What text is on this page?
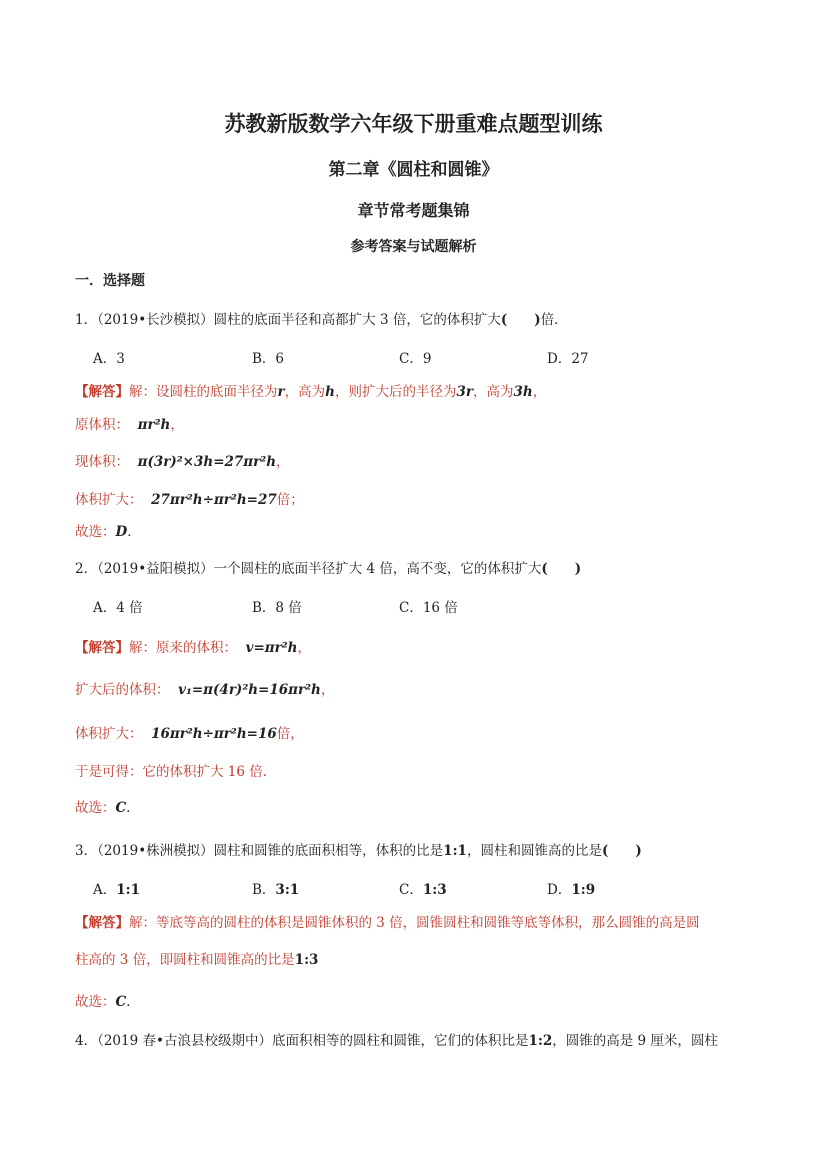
苏教新版数学六年级下册重难点题型训练
第二章《圆柱和圆锥》
章节常考题集锦
参考答案与试题解析
一．选择题
1．（2019•长沙模拟）圆柱的底面半径和高都扩大 3 倍，它的体积扩大(　　)倍．
A．3	B．6	C．9	D．27
【解答】解：设圆柱的底面半径为r，高为h，则扩大后的半径为3r，高为3h，
原体积： πr²h，
现体积： π(3r)²×3h=27πr²h，
体积扩大： 27πr²h÷πr²h=27倍；
故选：D．
2．（2019•益阳模拟）一个圆柱的底面半径扩大 4 倍，高不变，它的体积扩大(　　)
A．4 倍	B．8 倍	C．16 倍
【解答】解：原来的体积： v=πr²h，
扩大后的体积： v₁=π(4r)²h=16πr²h，
体积扩大： 16πr²h÷πr²h=16倍，
于是可得：它的体积扩大 16 倍．
故选：C．
3．（2019•株洲模拟）圆柱和圆锥的底面积相等，体积的比是1:1，圆柱和圆锥高的比是(　　)
A．1:1	B．3:1	C．1:3	D．1:9
【解答】解：等底等高的圆柱的体积是圆锥体积的 3 倍，圆锥圆柱和圆锥等底等体积，那么圆锥的高是圆
柱高的 3 倍，即圆柱和圆锥高的比是1:3
故选：C．
4．（2019 春•古浪县校级期中）底面积相等的圆柱和圆锥，它们的体积比是1:2，圆锥的高是 9 厘米，圆柱
